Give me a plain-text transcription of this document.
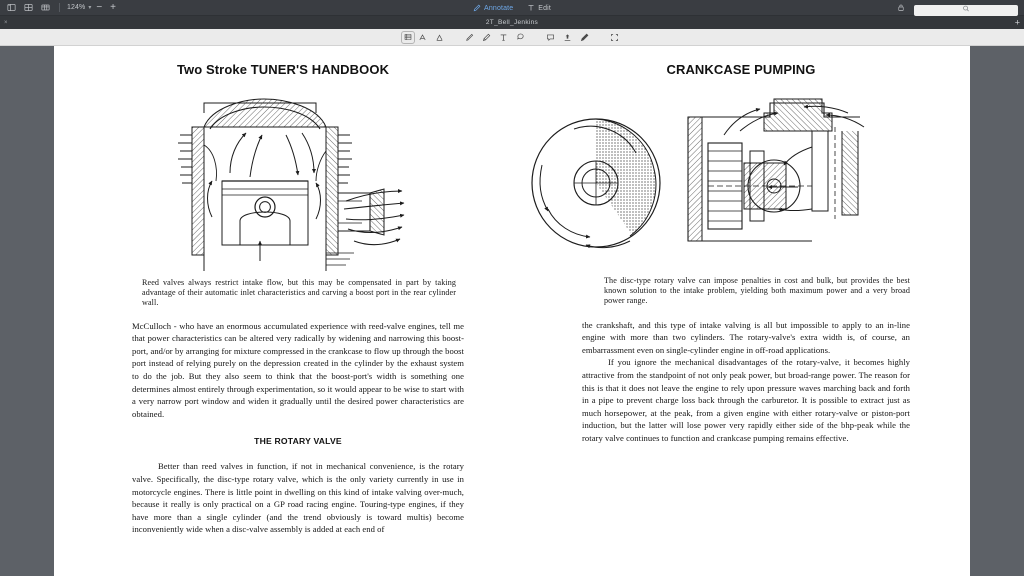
124% ▾ − +	Annotate	Edit
×	2T_Bell_Jenkins	+
Two Stroke TUNER'S HANDBOOK

Reed valves always restrict intake flow, but this may be compensated in part by taking advantage of their automatic inlet characteristics and carving a boost port in the rear cylinder wall.

McCulloch - who have an enormous accumulated experience with reed-valve engines, tell me that power characteristics can be altered very radically by widening and narrowing this boost-port, and/or by arranging for mixture compressed in the crankcase to flow up through the boost port instead of relying purely on the depression created in the cylinder by the exhaust system to do the job. But they also seem to think that the boost-port's width is something one determines almost entirely through experimentation, so it would appear to be wise to start with a very narrow port window and widen it gradually until the desired power characteristics are obtained.

THE ROTARY VALVE

Better than reed valves in function, if not in mechanical convenience, is the rotary valve. Specifically, the disc-type rotary valve, which is the only variety currently in use in motorcycle engines. There is little point in dwelling on this kind of intake valving over-much, because it really is only practical on a GP road racing engine. Touring-type engines, if they have more than a single cylinder (and the trend obviously is toward multis) become inconveniently wide when a disc-valve assembly is added at each end of

CRANKCASE PUMPING

The disc-type rotary valve can impose penalties in cost and bulk, but provides the best known solution to the intake problem, yielding both maximum power and a very broad power range.

the crankshaft, and this type of intake valving is all but impossible to apply to an in-line engine with more than two cylinders. The rotary-valve's extra width is, of course, an embarrassment even on single-cylinder engine in off-road applications.

If you ignore the mechanical disadvantages of the rotary-valve, it becomes highly attractive from the standpoint of not only peak power, but broad-range power. The reason for this is that it does not leave the engine to rely upon pressure waves marching back and forth in a pipe to prevent charge loss back through the carburetor. It is possible to extract just as much horsepower, at the peak, from a given engine with either rotary-valve or piston-port induction, but the latter will lose power very rapidly either side of the bhp-peak while the rotary valve continues to function and crankcase pumping remains effective.
